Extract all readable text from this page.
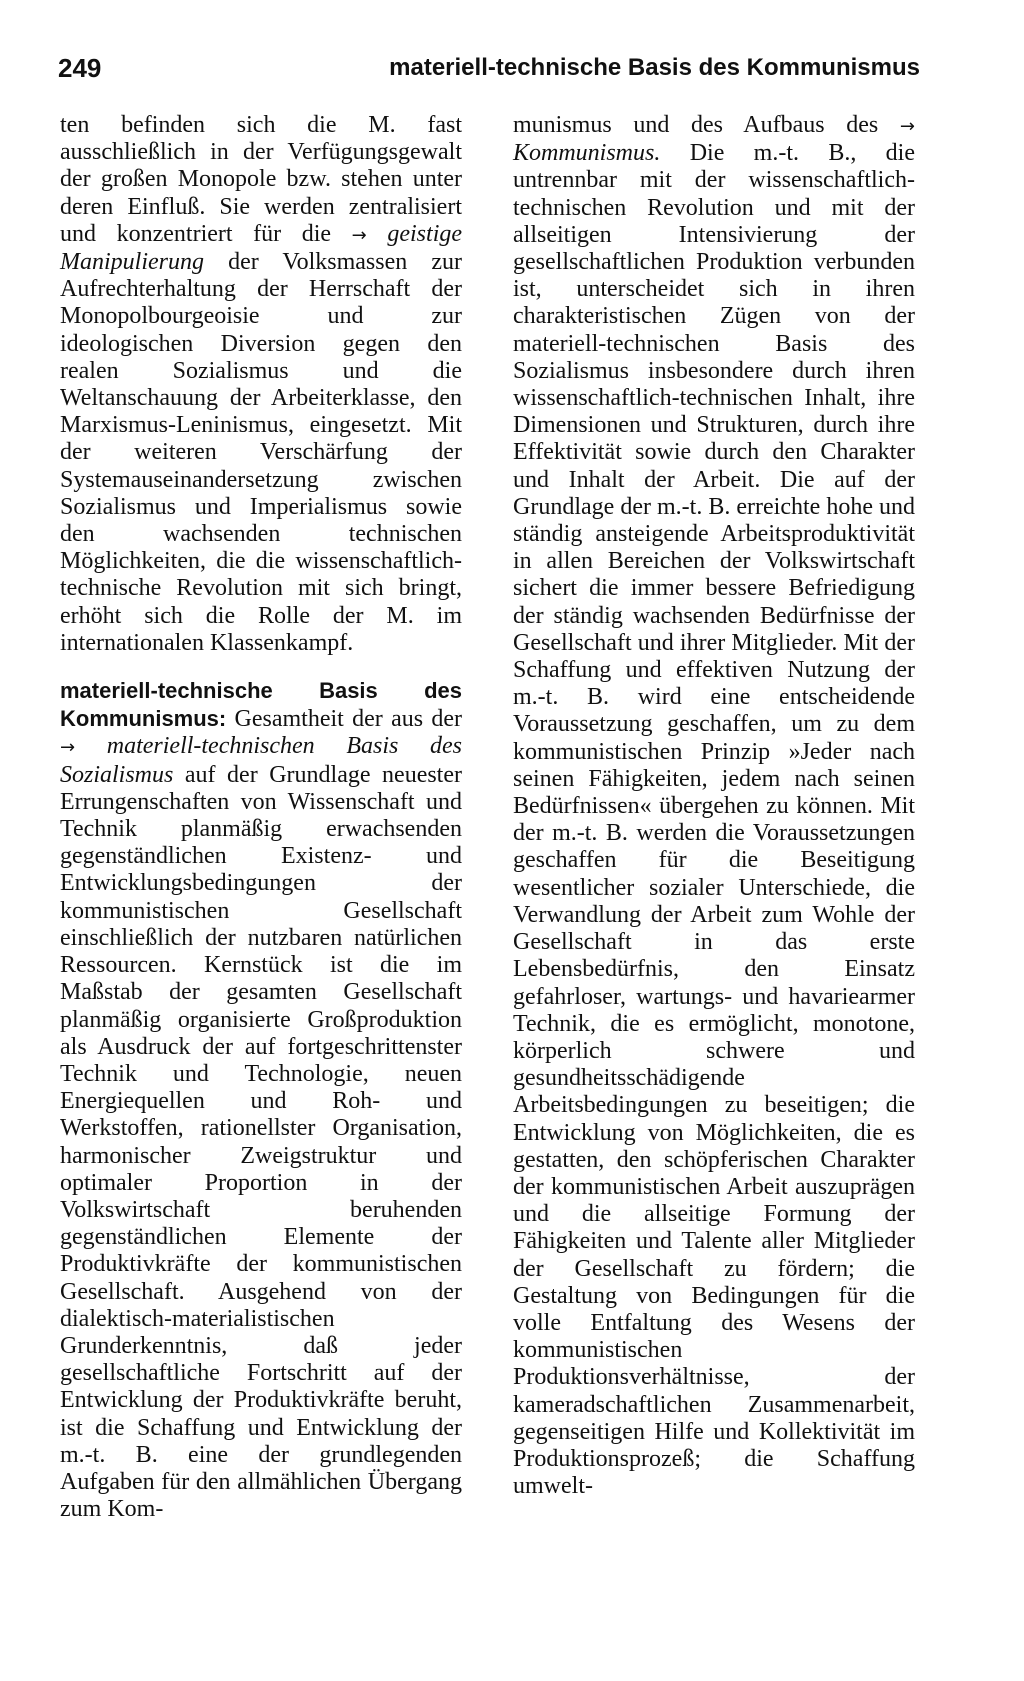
249	materiell-technische Basis des Kommunismus

ten befinden sich die M. fast ausschließlich in der Verfügungsgewalt der großen Monopole bzw. stehen unter deren Einfluß. Sie werden zentralisiert und konzentriert für die → geistige Manipulierung der Volksmassen zur Aufrechterhaltung der Herrschaft der Monopolbourgeoisie und zur ideologischen Diversion gegen den realen Sozialismus und die Weltanschauung der Arbeiterklasse, den Marxismus-Leninismus, eingesetzt. Mit der weiteren Verschärfung der Systemauseinandersetzung zwischen Sozialismus und Imperialismus sowie den wachsenden technischen Möglichkeiten, die die wissenschaftlich-technische Revolution mit sich bringt, erhöht sich die Rolle der M. im internationalen Klassenkampf.

materiell-technische Basis des Kommunismus: Gesamtheit der aus der → materiell-technischen Basis des Sozialismus auf der Grundlage neuester Errungenschaften von Wissenschaft und Technik planmäßig erwachsenden gegenständlichen Existenz- und Entwicklungsbedingungen der kommunistischen Gesellschaft einschließlich der nutzbaren natürlichen Ressourcen. Kernstück ist die im Maßstab der gesamten Gesellschaft planmäßig organisierte Großproduktion als Ausdruck der auf fortgeschrittenster Technik und Technologie, neuen Energiequellen und Roh- und Werkstoffen, rationellster Organisation, harmonischer Zweigstruktur und optimaler Proportion in der Volkswirtschaft beruhenden gegenständlichen Elemente der Produktivkräfte der kommunistischen Gesellschaft. Ausgehend von der dialektisch-materialistischen Grunderkenntnis, daß jeder gesellschaftliche Fortschritt auf der Entwicklung der Produktivkräfte beruht, ist die Schaffung und Entwicklung der m.-t. B. eine der grundlegenden Aufgaben für den allmählichen Übergang zum Kom-

munismus und des Aufbaus des → Kommunismus. Die m.-t. B., die untrennbar mit der wissenschaftlich-technischen Revolution und mit der allseitigen Intensivierung der gesellschaftlichen Produktion verbunden ist, unterscheidet sich in ihren charakteristischen Zügen von der materiell-technischen Basis des Sozialismus insbesondere durch ihren wissenschaftlich-technischen Inhalt, ihre Dimensionen und Strukturen, durch ihre Effektivität sowie durch den Charakter und Inhalt der Arbeit. Die auf der Grundlage der m.-t. B. erreichte hohe und ständig ansteigende Arbeitsproduktivität in allen Bereichen der Volkswirtschaft sichert die immer bessere Befriedigung der ständig wachsenden Bedürfnisse der Gesellschaft und ihrer Mitglieder. Mit der Schaffung und effektiven Nutzung der m.-t. B. wird eine entscheidende Voraussetzung geschaffen, um zu dem kommunistischen Prinzip »Jeder nach seinen Fähigkeiten, jedem nach seinen Bedürfnissen« übergehen zu können. Mit der m.-t. B. werden die Voraussetzungen geschaffen für die Beseitigung wesentlicher sozialer Unterschiede, die Verwandlung der Arbeit zum Wohle der Gesellschaft in das erste Lebensbedürfnis, den Einsatz gefahrloser, wartungs- und havariearmer Technik, die es ermöglicht, monotone, körperlich schwere und gesundheitsschädigende Arbeitsbedingungen zu beseitigen; die Entwicklung von Möglichkeiten, die es gestatten, den schöpferischen Charakter der kommunistischen Arbeit auszuprägen und die allseitige Formung der Fähigkeiten und Talente aller Mitglieder der Gesellschaft zu fördern; die Gestaltung von Bedingungen für die volle Entfaltung des Wesens der kommunistischen Produktionsverhältnisse, der kameradschaftlichen Zusammenarbeit, gegenseitigen Hilfe und Kollektivität im Produktionsprozeß; die Schaffung umwelt-
